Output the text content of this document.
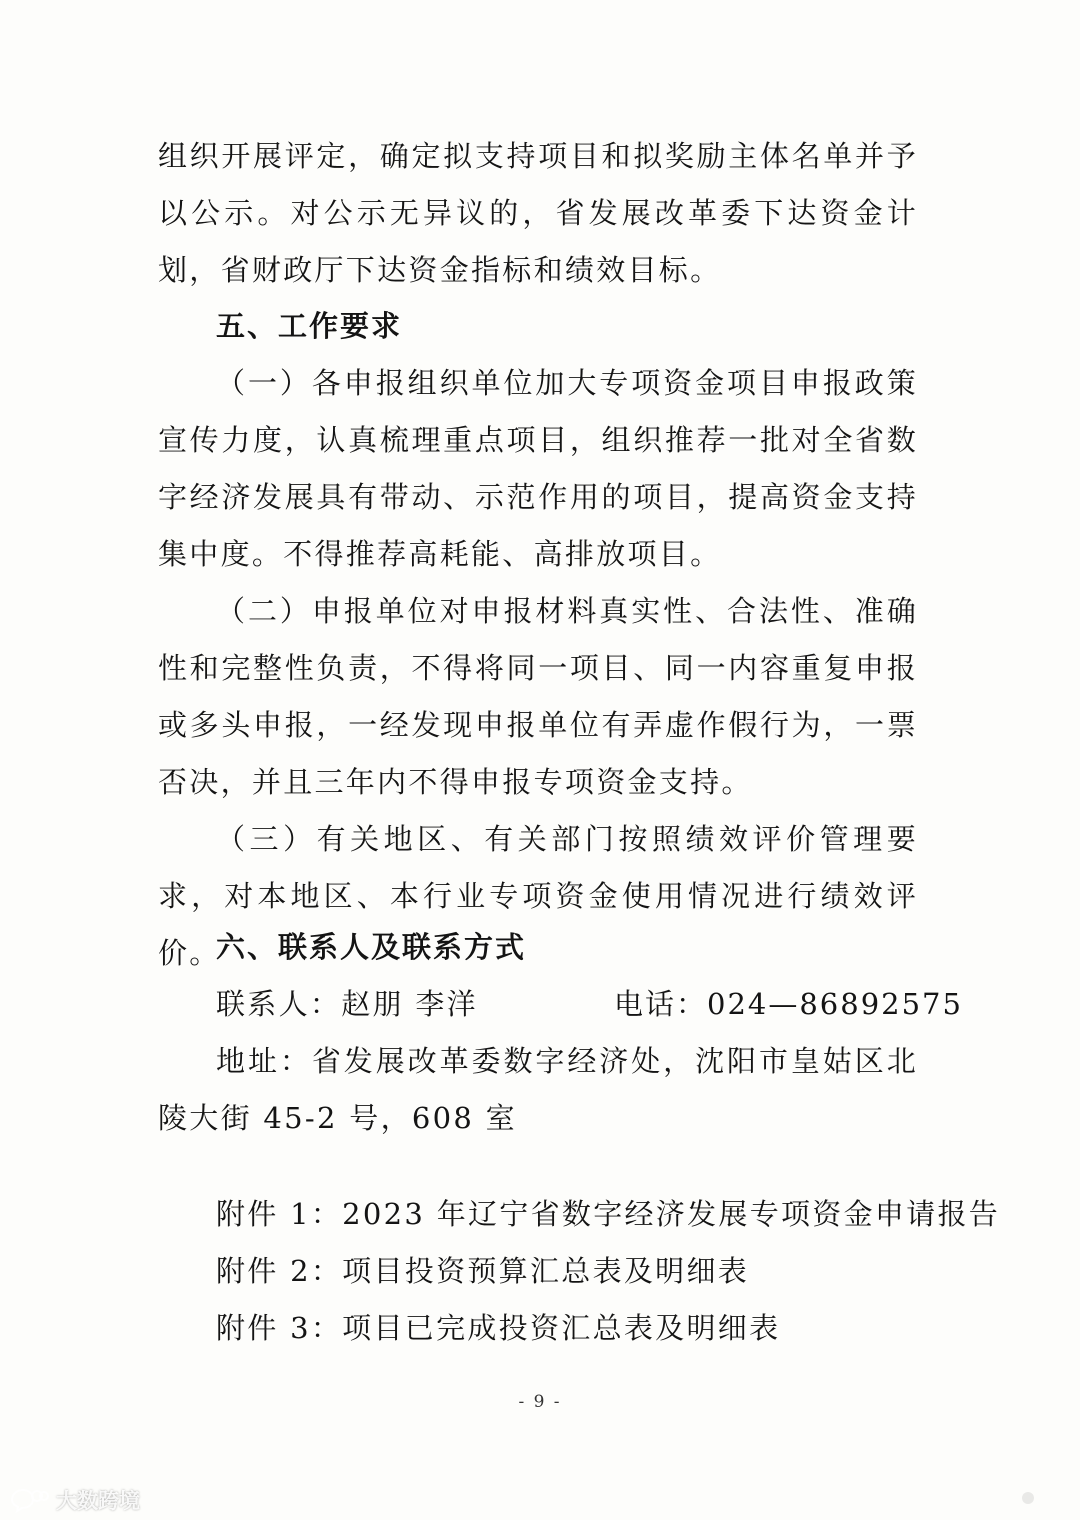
组织开展评定，确定拟支持项目和拟奖励主体名单并予以公示。对公示无异议的，省发展改革委下达资金计划，省财政厅下达资金指标和绩效目标。

五、工作要求

（一）各申报组织单位加大专项资金项目申报政策宣传力度，认真梳理重点项目，组织推荐一批对全省数字经济发展具有带动、示范作用的项目，提高资金支持集中度。不得推荐高耗能、高排放项目。

（二）申报单位对申报材料真实性、合法性、准确性和完整性负责，不得将同一项目、同一内容重复申报或多头申报，一经发现申报单位有弄虚作假行为，一票否决，并且三年内不得申报专项资金支持。

（三）有关地区、有关部门按照绩效评价管理要求，对本地区、本行业专项资金使用情况进行绩效评价。

六、联系人及联系方式

联系人：赵朋 李洋	电话：024—86892575

地址：省发展改革委数字经济处，沈阳市皇姑区北陵大街 45-2 号，608 室

附件 1：2023 年辽宁省数字经济发展专项资金申请报告

附件 2：项目投资预算汇总表及明细表

附件 3：项目已完成投资汇总表及明细表

- 9 -
大数跨境
